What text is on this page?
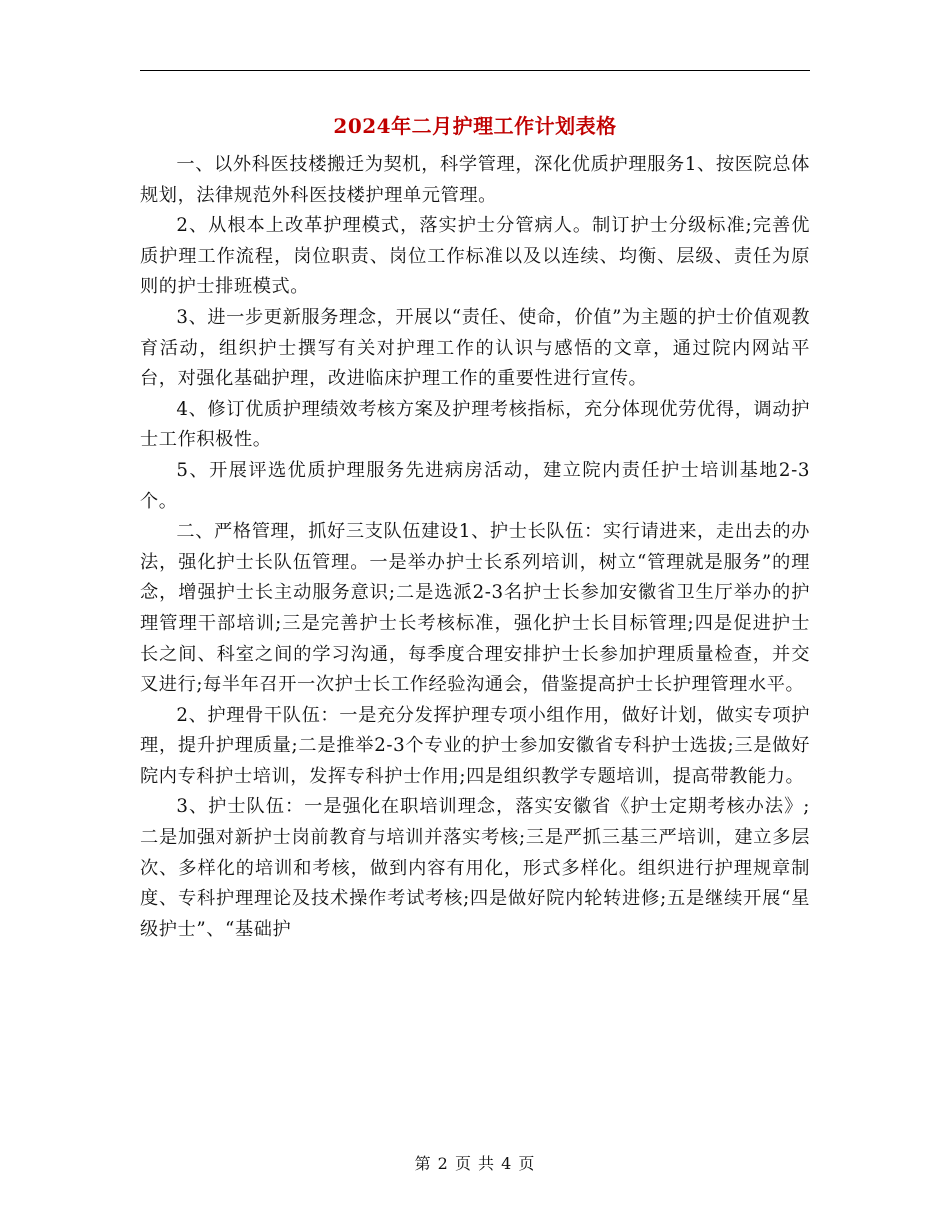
2024年二月护理工作计划表格

一、以外科医技楼搬迁为契机，科学管理，深化优质护理服务1、按医院总体规划，法律规范外科医技楼护理单元管理。

2、从根本上改革护理模式，落实护士分管病人。制订护士分级标准;完善优质护理工作流程，岗位职责、岗位工作标准以及以连续、均衡、层级、责任为原则的护士排班模式。

3、进一步更新服务理念，开展以“责任、使命，价值”为主题的护士价值观教育活动，组织护士撰写有关对护理工作的认识与感悟的文章，通过院内网站平台，对强化基础护理，改进临床护理工作的重要性进行宣传。

4、修订优质护理绩效考核方案及护理考核指标，充分体现优劳优得，调动护士工作积极性。

5、开展评选优质护理服务先进病房活动，建立院内责任护士培训基地2-3个。

二、严格管理，抓好三支队伍建设1、护士长队伍：实行请进来，走出去的办法，强化护士长队伍管理。一是举办护士长系列培训，树立“管理就是服务”的理念，增强护士长主动服务意识;二是选派2-3名护士长参加安徽省卫生厅举办的护理管理干部培训;三是完善护士长考核标准，强化护士长目标管理;四是促进护士长之间、科室之间的学习沟通，每季度合理安排护士长参加护理质量检查，并交叉进行;每半年召开一次护士长工作经验沟通会，借鉴提高护士长护理管理水平。

2、护理骨干队伍：一是充分发挥护理专项小组作用，做好计划，做实专项护理，提升护理质量;二是推举2-3个专业的护士参加安徽省专科护士选拔;三是做好院内专科护士培训，发挥专科护士作用;四是组织教学专题培训，提高带教能力。

3、护士队伍：一是强化在职培训理念，落实安徽省《护士定期考核办法》;二是加强对新护士岗前教育与培训并落实考核;三是严抓三基三严培训，建立多层次、多样化的培训和考核，做到内容有用化，形式多样化。组织进行护理规章制度、专科护理理论及技术操作考试考核;四是做好院内轮转进修;五是继续开展“星级护士”、“基础护

第 2 页 共 4 页
